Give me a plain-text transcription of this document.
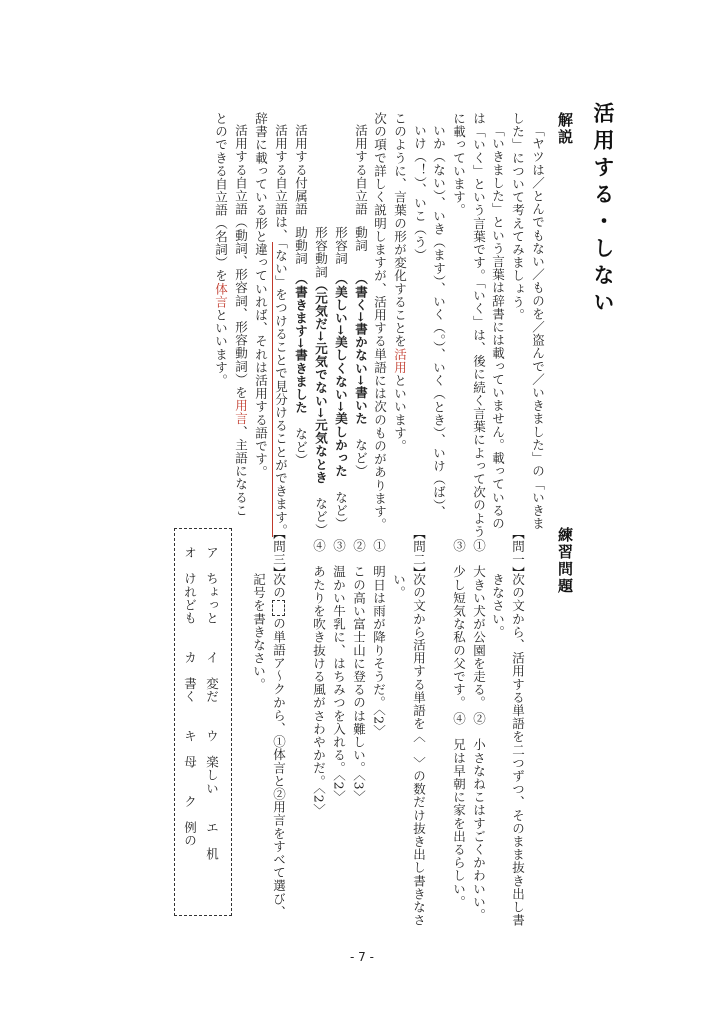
活用する・しない
解説
「ヤツは／とんでもない／ものを／盗んで／いきました」の「いきま
した」について考えてみましょう。
「いきました」という言葉は辞書には載っていません。載っているの
は「いく」という言葉です。「いく」は、後に続く言葉によって次のよう
に載っています。
いか（ない）、いき（ます）、いく（。）、いく（とき）、いけ（ば）、
いけ（！）、いこ（う）
このように、言葉の形が変化することを活用といいます。
次の項で詳しく説明しますが、活用する単語には次のものがあります。
活用する自立語
動詞　　（書く→書かない→書いた　など）
形容詞　（美しい→美しくない→美しかった　など）
形容動詞（元気だ→元気でない→元気なとき　など）
活用する付属語
助動詞　（書きます→書きました　など）
活用する自立語は、「ない」をつけることで見分けることができます。
辞書に載っている形と違っていれば、それは活用する語です。
活用する自立語（動詞、形容詞、形容動詞）を用言、主語になるこ
とのできる自立語（名詞）を体言といいます。
練習問題
【問一】
次の文から、活用する単語を二つずつ、そのまま抜き出し書
きなさい。
①　大きい犬が公園を走る。
②　小さなねこはすごくかわいい。
③　少し短気な私の父です。
④　兄は早朝に家を出るらしい。
【問二】
次の文から活用する単語を〈　〉の数だけ抜き出し書きなさ
い。
①　明日は雨が降りそうだ。〈2〉
②　この高い富士山に登るのは難しい。〈3〉
③　温かい牛乳に、はちみつを入れる。〈2〉
④　あたりを吹き抜ける風がさわやかだ。〈2〉
【問三】
次のの単語ア〜クから、①体言と②用言をすべて選び、
記号を書きなさい。
ア　ちょっと　　イ　変だ　　ウ　楽しい　　エ　机
オ　けれども　　カ　書く　　キ　母　　ク　例の
- 7 -
